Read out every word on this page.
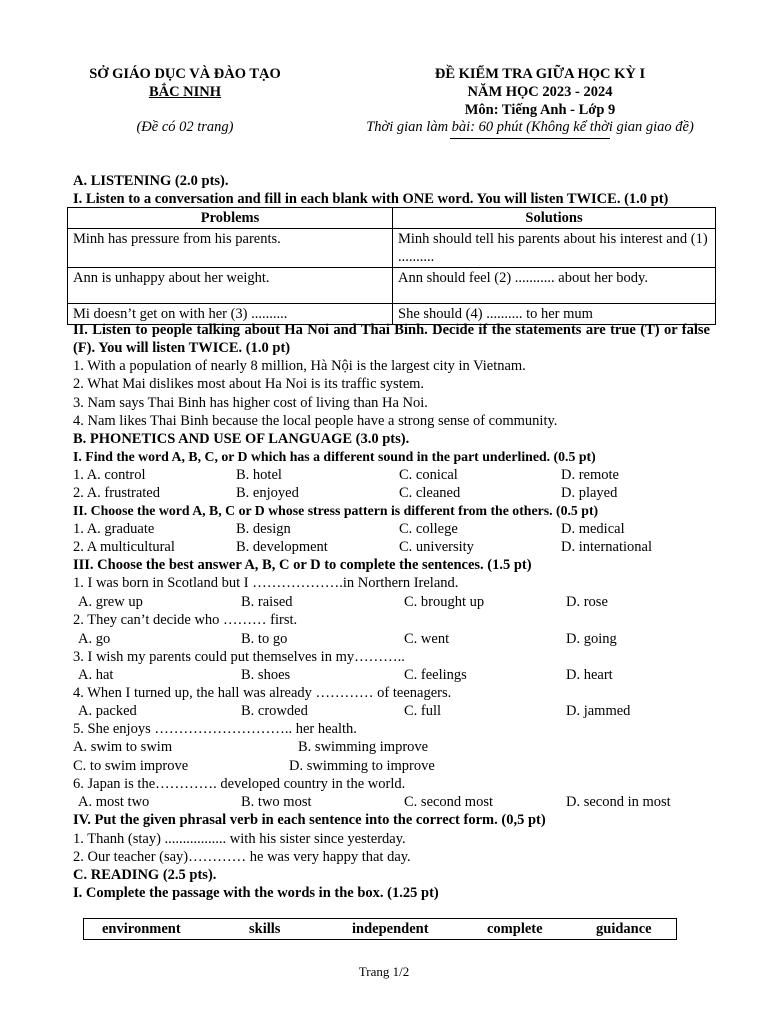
SỞ GIÁO DỤC VÀ ĐÀO TẠO
BẮC NINH
(Đề có 02 trang)
ĐỀ KIỂM TRA GIỮA HỌC KỲ I
NĂM HỌC 2023 - 2024
Môn: Tiếng Anh - Lớp 9
Thời gian làm bài: 60 phút (Không kể thời gian giao đề)
A. LISTENING (2.0 pts).
I. Listen to a conversation and fill in each blank with ONE word. You will listen TWICE. (1.0 pt)
Problems	Solutions
Minh has pressure from his parents.	Minh should tell his parents about his interest and (1) ..........
Ann is unhappy about her weight.	Ann should feel (2) ........... about her body.
Mi doesn’t get on with her (3) ..........	She should (4) .......... to her mum
II. Listen to people talking about Ha Noi and Thai Binh. Decide if the statements are true (T) or false (F). You will listen TWICE. (1.0 pt)
1. With a population of nearly 8 million, Hà Nội is the largest city in Vietnam.
2. What Mai dislikes most about Ha Noi is its traffic system.
3. Nam says Thai Binh has higher cost of living than Ha Noi.
4. Nam likes Thai Binh because the local people have a strong sense of community.
B. PHONETICS AND USE OF LANGUAGE (3.0 pts).
I. Find the word A, B, C, or D which has a different sound in the part underlined. (0.5 pt)
1. A. control	B. hotel	C. conical	D. remote
2. A. frustrated	B. enjoyed	C. cleaned	D. played
II. Choose the word A, B, C or D whose stress pattern is different from the others. (0.5 pt)
1. A. graduate	B. design	C. college	D. medical
2. A multicultural	B. development	C. university	D. international
III. Choose the best answer A, B, C or D to complete the sentences. (1.5 pt)
1. I was born in Scotland but I ……………….in Northern Ireland.
A. grew up	B. raised	C. brought up	D. rose
2. They can’t decide who ……… first.
A. go	B. to go	C. went	D. going
3. I wish my parents could put themselves in my………..
A. hat	B. shoes	C. feelings	D. heart
4. When I turned up, the hall was already ………… of teenagers.
A. packed	B. crowded	C. full	D. jammed
5. She enjoys ……………………….. her health.
A. swim to swim	B. swimming improve
C. to swim improve	D. swimming to improve
6. Japan is the…………. developed country in the world.
A. most two	B. two most	C. second most	D. second in most
IV. Put the given phrasal verb in each sentence into the correct form. (0,5 pt)
1. Thanh (stay) ................. with his sister since yesterday.
2. Our teacher (say)………… he was very happy that day.
C. READING (2.5 pts).
I. Complete the passage with the words in the box. (1.25 pt)
environment	skills	independent	complete	guidance
Trang 1/2
